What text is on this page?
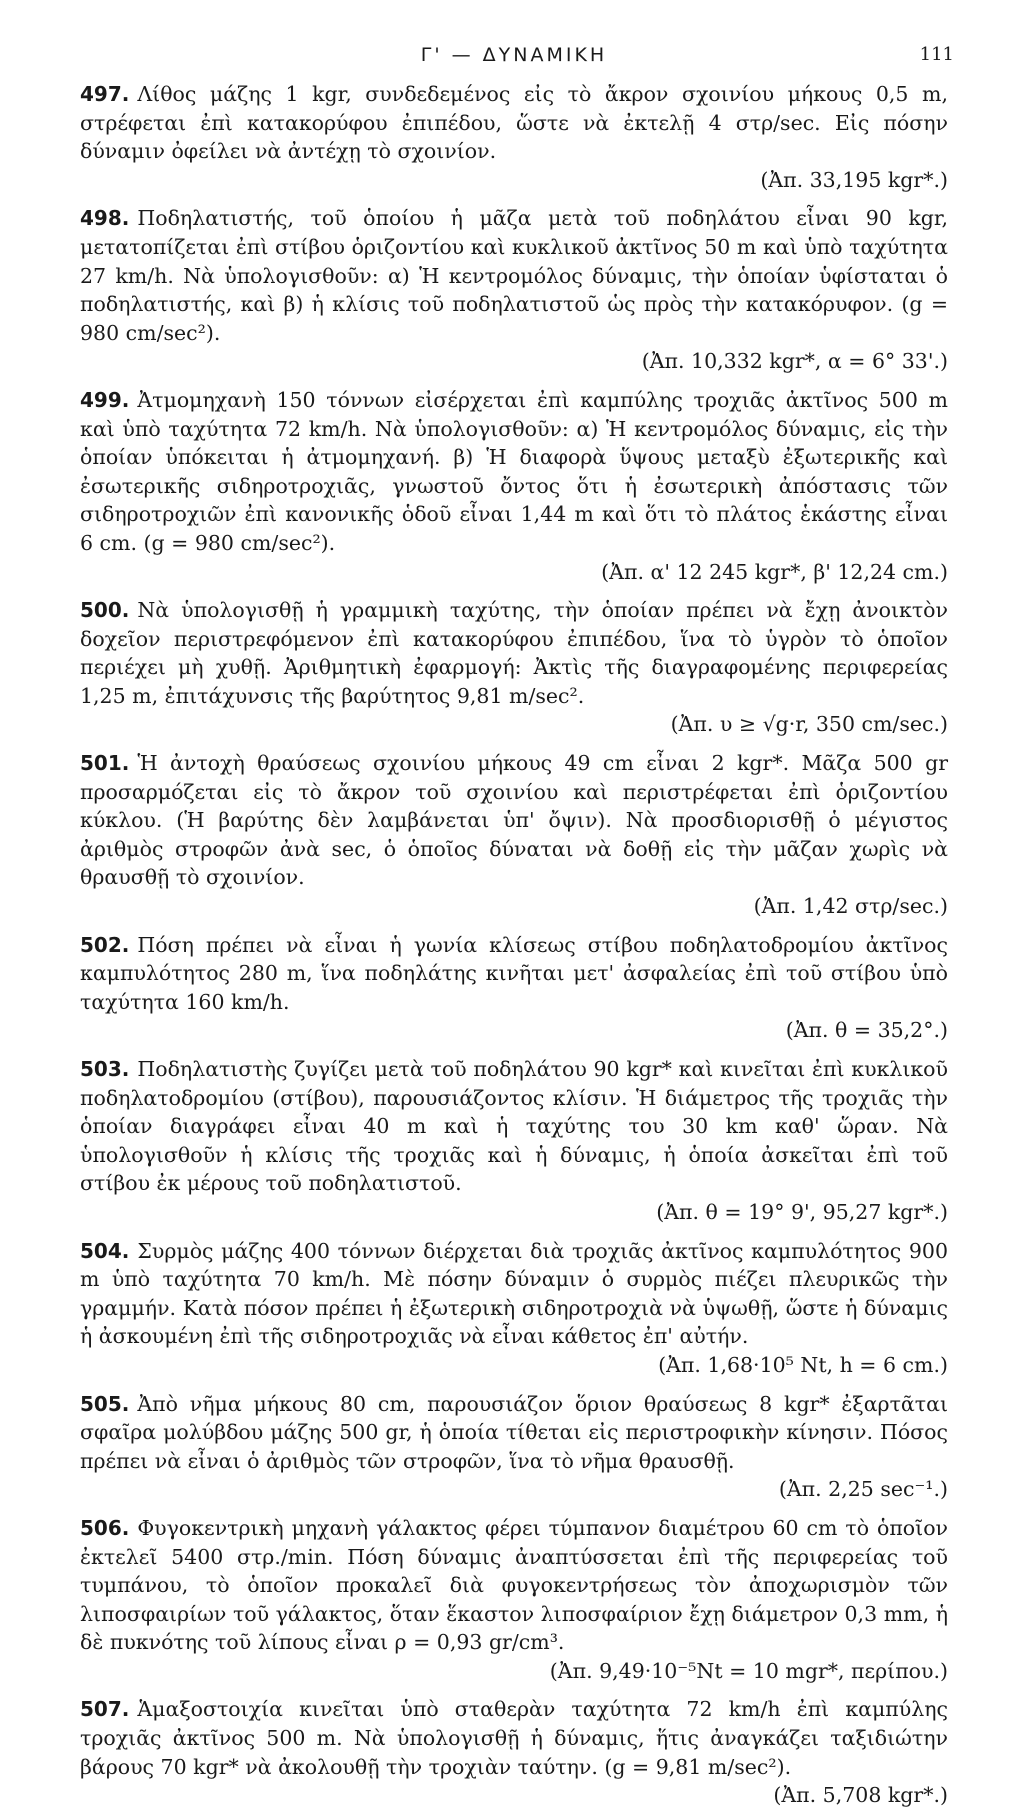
Γ' — ΔΥΝΑΜΙΚΗ	111
497. Λίθος μάζης 1 kgr, συνδεδεμένος εἰς τὸ ἄκρον σχοινίου μήκους 0,5 m, στρέφεται ἐπὶ κατακορύφου ἐπιπέδου, ὥστε νὰ ἐκτελῇ 4 στρ/sec. Εἰς πόσην δύναμιν ὀφείλει νὰ ἀντέχῃ τὸ σχοινίον.
(Ἀπ. 33,195 kgr*.)
498. Ποδηλατιστής, τοῦ ὁποίου ἡ μᾶζα μετὰ τοῦ ποδηλάτου εἶναι 90 kgr, μετατοπίζεται ἐπὶ στίβου ὁριζοντίου καὶ κυκλικοῦ ἀκτῖνος 50 m καὶ ὑπὸ ταχύτητα 27 km/h. Νὰ ὑπολογισθοῦν: α) Ἡ κεντρομόλος δύναμις, τὴν ὁποίαν ὑφίσταται ὁ ποδηλατιστής, καὶ β) ἡ κλίσις τοῦ ποδηλατιστοῦ ὡς πρὸς τὴν κατακόρυφον. (g = 980 cm/sec²).
(Ἀπ. 10,332 kgr*, α = 6° 33'.)
499. Ἀτμομηχανὴ 150 τόννων εἰσέρχεται ἐπὶ καμπύλης τροχιᾶς ἀκτῖνος 500 m καὶ ὑπὸ ταχύτητα 72 km/h. Νὰ ὑπολογισθοῦν: α) Ἡ κεντρομόλος δύναμις, εἰς τὴν ὁποίαν ὑπόκειται ἡ ἀτμομηχανή. β) Ἡ διαφορὰ ὕψους μεταξὺ ἐξωτερικῆς καὶ ἐσωτερικῆς σιδηροτροχιᾶς, γνωστοῦ ὄντος ὅτι ἡ ἐσωτερικὴ ἀπόστασις τῶν σιδηροτροχιῶν ἐπὶ κανονικῆς ὁδοῦ εἶναι 1,44 m καὶ ὅτι τὸ πλάτος ἑκάστης εἶναι 6 cm. (g = 980 cm/sec²).
(Ἀπ. α' 12 245 kgr*, β' 12,24 cm.)
500. Νὰ ὑπολογισθῇ ἡ γραμμικὴ ταχύτης, τὴν ὁποίαν πρέπει νὰ ἔχῃ ἀνοικτὸν δοχεῖον περιστρεφόμενον ἐπὶ κατακορύφου ἐπιπέδου, ἵνα τὸ ὑγρὸν τὸ ὁποῖον περιέχει μὴ χυθῇ. Ἀριθμητικὴ ἐφαρμογή: Ἀκτὶς τῆς διαγραφομένης περιφερείας 1,25 m, ἐπιτάχυνσις τῆς βαρύτητος 9,81 m/sec².
(Ἀπ. υ ≥ √g·r, 350 cm/sec.)
501. Ἡ ἀντοχὴ θραύσεως σχοινίου μήκους 49 cm εἶναι 2 kgr*. Μᾶζα 500 gr προσαρμόζεται εἰς τὸ ἄκρον τοῦ σχοινίου καὶ περιστρέφεται ἐπὶ ὁριζοντίου κύκλου. (Ἡ βαρύτης δὲν λαμβάνεται ὑπ' ὄψιν). Νὰ προσδιορισθῇ ὁ μέγιστος ἀριθμὸς στροφῶν ἀνὰ sec, ὁ ὁποῖος δύναται νὰ δοθῇ εἰς τὴν μᾶζαν χωρὶς νὰ θραυσθῇ τὸ σχοινίον.
(Ἀπ. 1,42 στρ/sec.)
502. Πόση πρέπει νὰ εἶναι ἡ γωνία κλίσεως στίβου ποδηλατοδρομίου ἀκτῖνος καμπυλότητος 280 m, ἵνα ποδηλάτης κινῆται μετ' ἀσφαλείας ἐπὶ τοῦ στίβου ὑπὸ ταχύτητα 160 km/h.
(Ἀπ. θ = 35,2°.)
503. Ποδηλατιστὴς ζυγίζει μετὰ τοῦ ποδηλάτου 90 kgr* καὶ κινεῖται ἐπὶ κυκλικοῦ ποδηλατοδρομίου (στίβου), παρουσιάζοντος κλίσιν. Ἡ διάμετρος τῆς τροχιᾶς τὴν ὁποίαν διαγράφει εἶναι 40 m καὶ ἡ ταχύτης του 30 km καθ' ὥραν. Νὰ ὑπολογισθοῦν ἡ κλίσις τῆς τροχιᾶς καὶ ἡ δύναμις, ἡ ὁποία ἀσκεῖται ἐπὶ τοῦ στίβου ἐκ μέρους τοῦ ποδηλατιστοῦ.
(Ἀπ. θ = 19° 9', 95,27 kgr*.)
504. Συρμὸς μάζης 400 τόννων διέρχεται διὰ τροχιᾶς ἀκτῖνος καμπυλότητος 900 m ὑπὸ ταχύτητα 70 km/h. Μὲ πόσην δύναμιν ὁ συρμὸς πιέζει πλευρικῶς τὴν γραμμήν. Κατὰ πόσον πρέπει ἡ ἐξωτερικὴ σιδηροτροχιὰ νὰ ὑψωθῇ, ὥστε ἡ δύναμις ἡ ἀσκουμένη ἐπὶ τῆς σιδηροτροχιᾶς νὰ εἶναι κάθετος ἐπ' αὐτήν.
(Ἀπ. 1,68·10⁵ Nt, h = 6 cm.)
505. Ἀπὸ νῆμα μήκους 80 cm, παρουσιάζον ὅριον θραύσεως 8 kgr* ἐξαρτᾶται σφαῖρα μολύβδου μάζης 500 gr, ἡ ὁποία τίθεται εἰς περιστροφικὴν κίνησιν. Πόσος πρέπει νὰ εἶναι ὁ ἀριθμὸς τῶν στροφῶν, ἵνα τὸ νῆμα θραυσθῇ.
(Ἀπ. 2,25 sec⁻¹.)
506. Φυγοκεντρικὴ μηχανὴ γάλακτος φέρει τύμπανον διαμέτρου 60 cm τὸ ὁποῖον ἐκτελεῖ 5400 στρ./min. Πόση δύναμις ἀναπτύσσεται ἐπὶ τῆς περιφερείας τοῦ τυμπάνου, τὸ ὁποῖον προκαλεῖ διὰ φυγοκεντρήσεως τὸν ἀποχωρισμὸν τῶν λιποσφαιρίων τοῦ γάλακτος, ὅταν ἕκαστον λιποσφαίριον ἔχῃ διάμετρον 0,3 mm, ἡ δὲ πυκνότης τοῦ λίπους εἶναι ρ = 0,93 gr/cm³.
(Ἀπ. 9,49·10⁻⁵Nt = 10 mgr*, περίπου.)
507. Ἁμαξοστοιχία κινεῖται ὑπὸ σταθερὰν ταχύτητα 72 km/h ἐπὶ καμπύλης τροχιᾶς ἀκτῖνος 500 m. Νὰ ὑπολογισθῇ ἡ δύναμις, ἥτις ἀναγκάζει ταξιδιώτην βάρους 70 kgr* νὰ ἀκολουθῇ τὴν τροχιὰν ταύτην. (g = 9,81 m/sec²).
(Ἀπ. 5,708 kgr*.)
